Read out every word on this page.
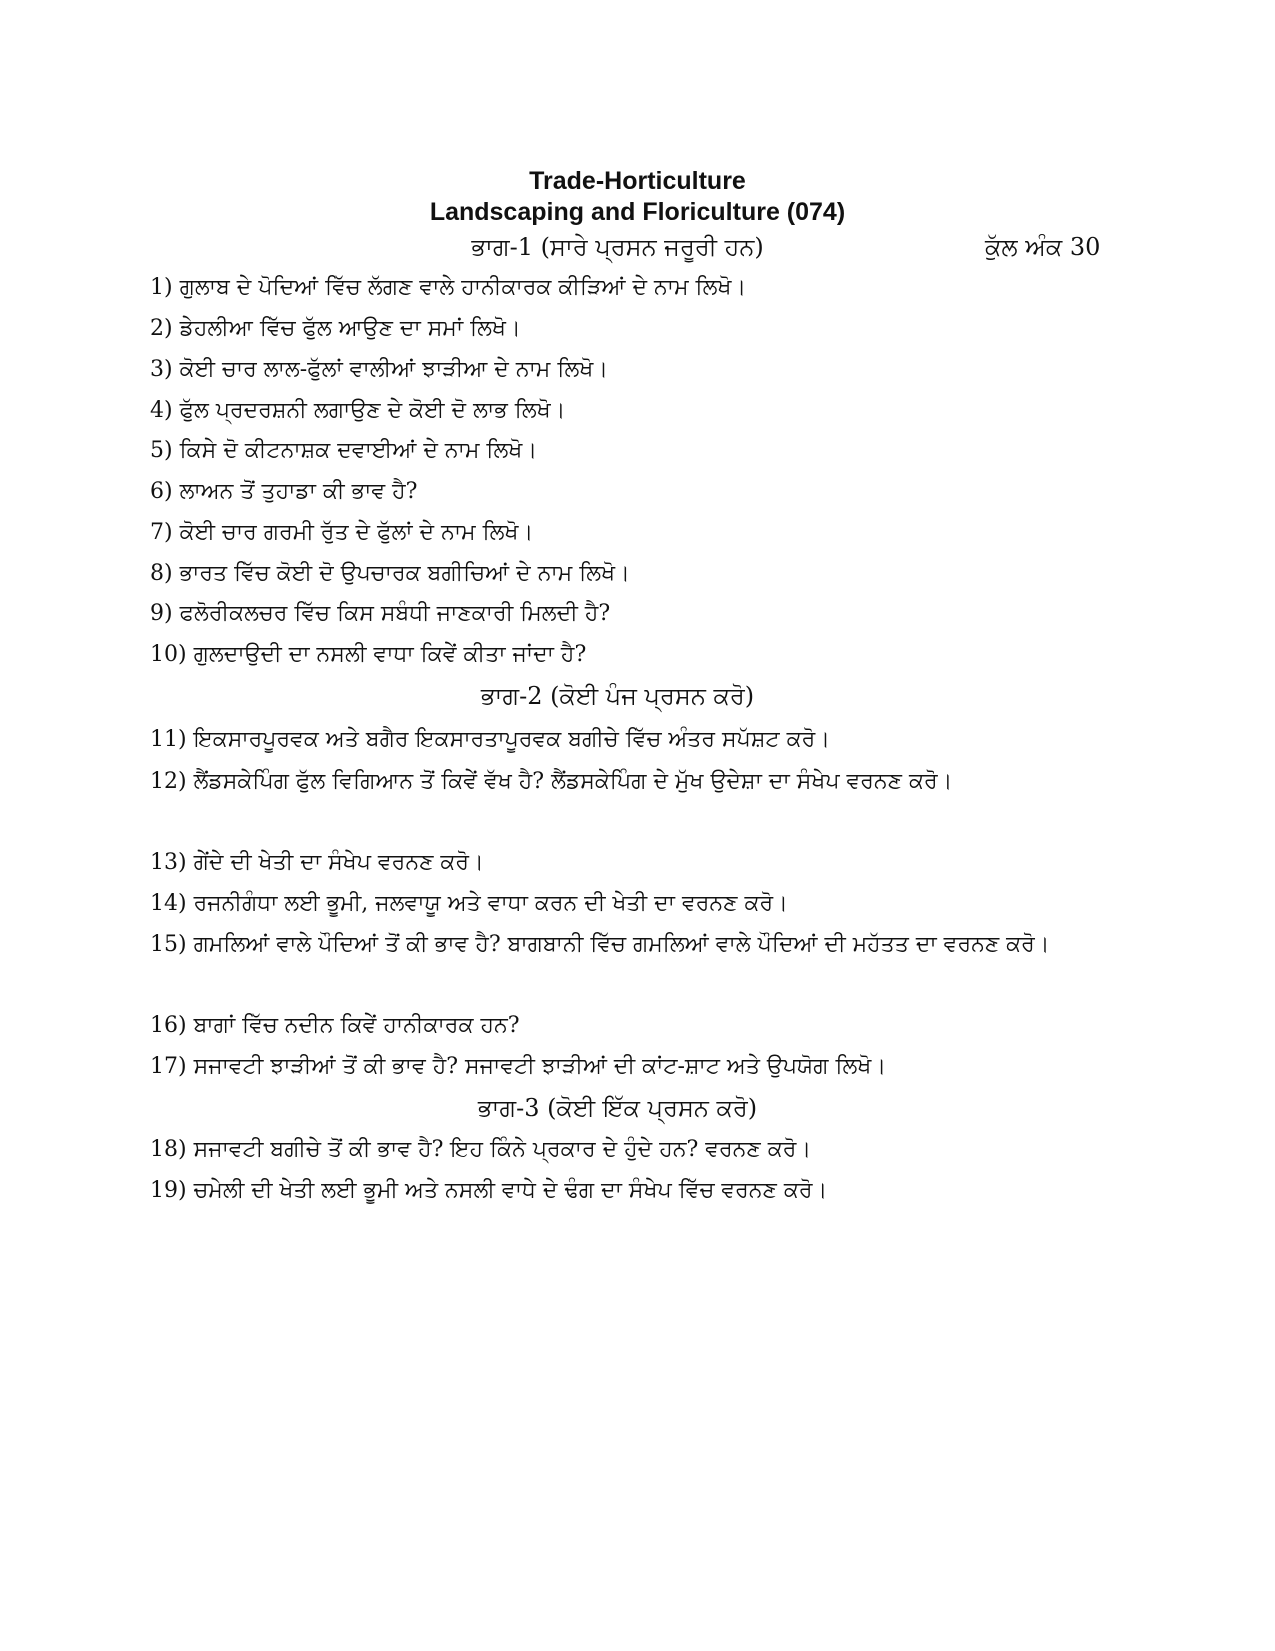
Trade-Horticulture
Landscaping and Floriculture (074)
ਭਾਗ-1 (ਸਾਰੇ ਪ੍ਰਸਨ ਜਰੂਰੀ ਹਨ)	ਕੁੱਲ ਅੰਕ 30
1) ਗੁਲਾਬ ਦੇ ਪੋਦਿਆਂ ਵਿੱਚ ਲੱਗਣ ਵਾਲੇ ਹਾਨੀਕਾਰਕ ਕੀੜਿਆਂ ਦੇ ਨਾਮ ਲਿਖੋ।
2) ਡੇਹਲੀਆ ਵਿੱਚ ਫੁੱਲ ਆਉਣ ਦਾ ਸਮਾਂ ਲਿਖੋ।
3) ਕੋਈ ਚਾਰ ਲਾਲ-ਫੁੱਲਾਂ ਵਾਲੀਆਂ ਝਾੜੀਆ ਦੇ ਨਾਮ ਲਿਖੋ।
4) ਫੁੱਲ ਪ੍ਰਦਰਸ਼ਨੀ ਲਗਾਉਣ ਦੇ ਕੋਈ ਦੋ ਲਾਭ ਲਿਖੋ।
5) ਕਿਸੇ ਦੋ ਕੀਟਨਾਸ਼ਕ ਦਵਾਈਆਂ ਦੇ ਨਾਮ ਲਿਖੋ।
6) ਲਾਅਨ ਤੋਂ ਤੁਹਾਡਾ ਕੀ ਭਾਵ ਹੈ?
7) ਕੋਈ ਚਾਰ ਗਰਮੀ ਰੁੱਤ ਦੇ ਫੁੱਲਾਂ ਦੇ ਨਾਮ ਲਿਖੋ।
8) ਭਾਰਤ ਵਿੱਚ ਕੋਈ ਦੋ ਉਪਚਾਰਕ ਬਗੀਚਿਆਂ ਦੇ ਨਾਮ ਲਿਖੋ।
9) ਫਲੋਰੀਕਲਚਰ ਵਿੱਚ ਕਿਸ ਸਬੰਧੀ ਜਾਣਕਾਰੀ ਮਿਲਦੀ ਹੈ?
10) ਗੁਲਦਾਉਦੀ ਦਾ ਨਸਲੀ ਵਾਧਾ ਕਿਵੇਂ ਕੀਤਾ ਜਾਂਦਾ ਹੈ?
ਭਾਗ-2 (ਕੋਈ ਪੰਜ ਪ੍ਰਸਨ ਕਰੋ)
11) ਇਕਸਾਰਪੂਰਵਕ ਅਤੇ ਬਗੈਰ ਇਕਸਾਰਤਾਪੂਰਵਕ ਬਗੀਚੇ ਵਿੱਚ ਅੰਤਰ ਸਪੱਸ਼ਟ ਕਰੋ।
12) ਲੈਂਡਸਕੇਪਿੰਗ ਫੁੱਲ ਵਿਗਿਆਨ ਤੋਂ ਕਿਵੇਂ ਵੱਖ ਹੈ? ਲੈਂਡਸਕੇਪਿੰਗ ਦੇ ਮੁੱਖ ਉਦੇਸ਼ਾ ਦਾ ਸੰਖੇਪ ਵਰਨਣ ਕਰੋ।
13) ਗੇਂਦੇ ਦੀ ਖੇਤੀ ਦਾ ਸੰਖੇਪ ਵਰਨਣ ਕਰੋ।
14) ਰਜਨੀਗੰਧਾ ਲਈ ਭੂਮੀ, ਜਲਵਾਯੂ ਅਤੇ ਵਾਧਾ ਕਰਨ ਦੀ ਖੇਤੀ ਦਾ ਵਰਨਣ ਕਰੋ।
15) ਗਮਲਿਆਂ ਵਾਲੇ ਪੌਦਿਆਂ ਤੋਂ ਕੀ ਭਾਵ ਹੈ? ਬਾਗਬਾਨੀ ਵਿੱਚ ਗਮਲਿਆਂ ਵਾਲੇ ਪੌਦਿਆਂ ਦੀ ਮਹੱਤਤ ਦਾ ਵਰਨਣ ਕਰੋ।
16) ਬਾਗਾਂ ਵਿੱਚ ਨਦੀਨ ਕਿਵੇਂ ਹਾਨੀਕਾਰਕ ਹਨ?
17) ਸਜਾਵਟੀ ਝਾੜੀਆਂ ਤੋਂ ਕੀ ਭਾਵ ਹੈ? ਸਜਾਵਟੀ ਝਾੜੀਆਂ ਦੀ ਕਾਂਟ-ਸ਼ਾਟ ਅਤੇ ਉਪਯੋਗ ਲਿਖੋ।
ਭਾਗ-3 (ਕੋਈ ਇੱਕ ਪ੍ਰਸਨ ਕਰੋ)
18) ਸਜਾਵਟੀ ਬਗੀਚੇ ਤੋਂ ਕੀ ਭਾਵ ਹੈ? ਇਹ ਕਿੰਨੇ ਪ੍ਰਕਾਰ ਦੇ ਹੁੰਦੇ ਹਨ? ਵਰਨਣ ਕਰੋ।
19) ਚਮੇਲੀ ਦੀ ਖੇਤੀ ਲਈ ਭੂਮੀ ਅਤੇ ਨਸਲੀ ਵਾਧੇ ਦੇ ਢੰਗ ਦਾ ਸੰਖੇਪ ਵਿੱਚ ਵਰਨਣ ਕਰੋ।
